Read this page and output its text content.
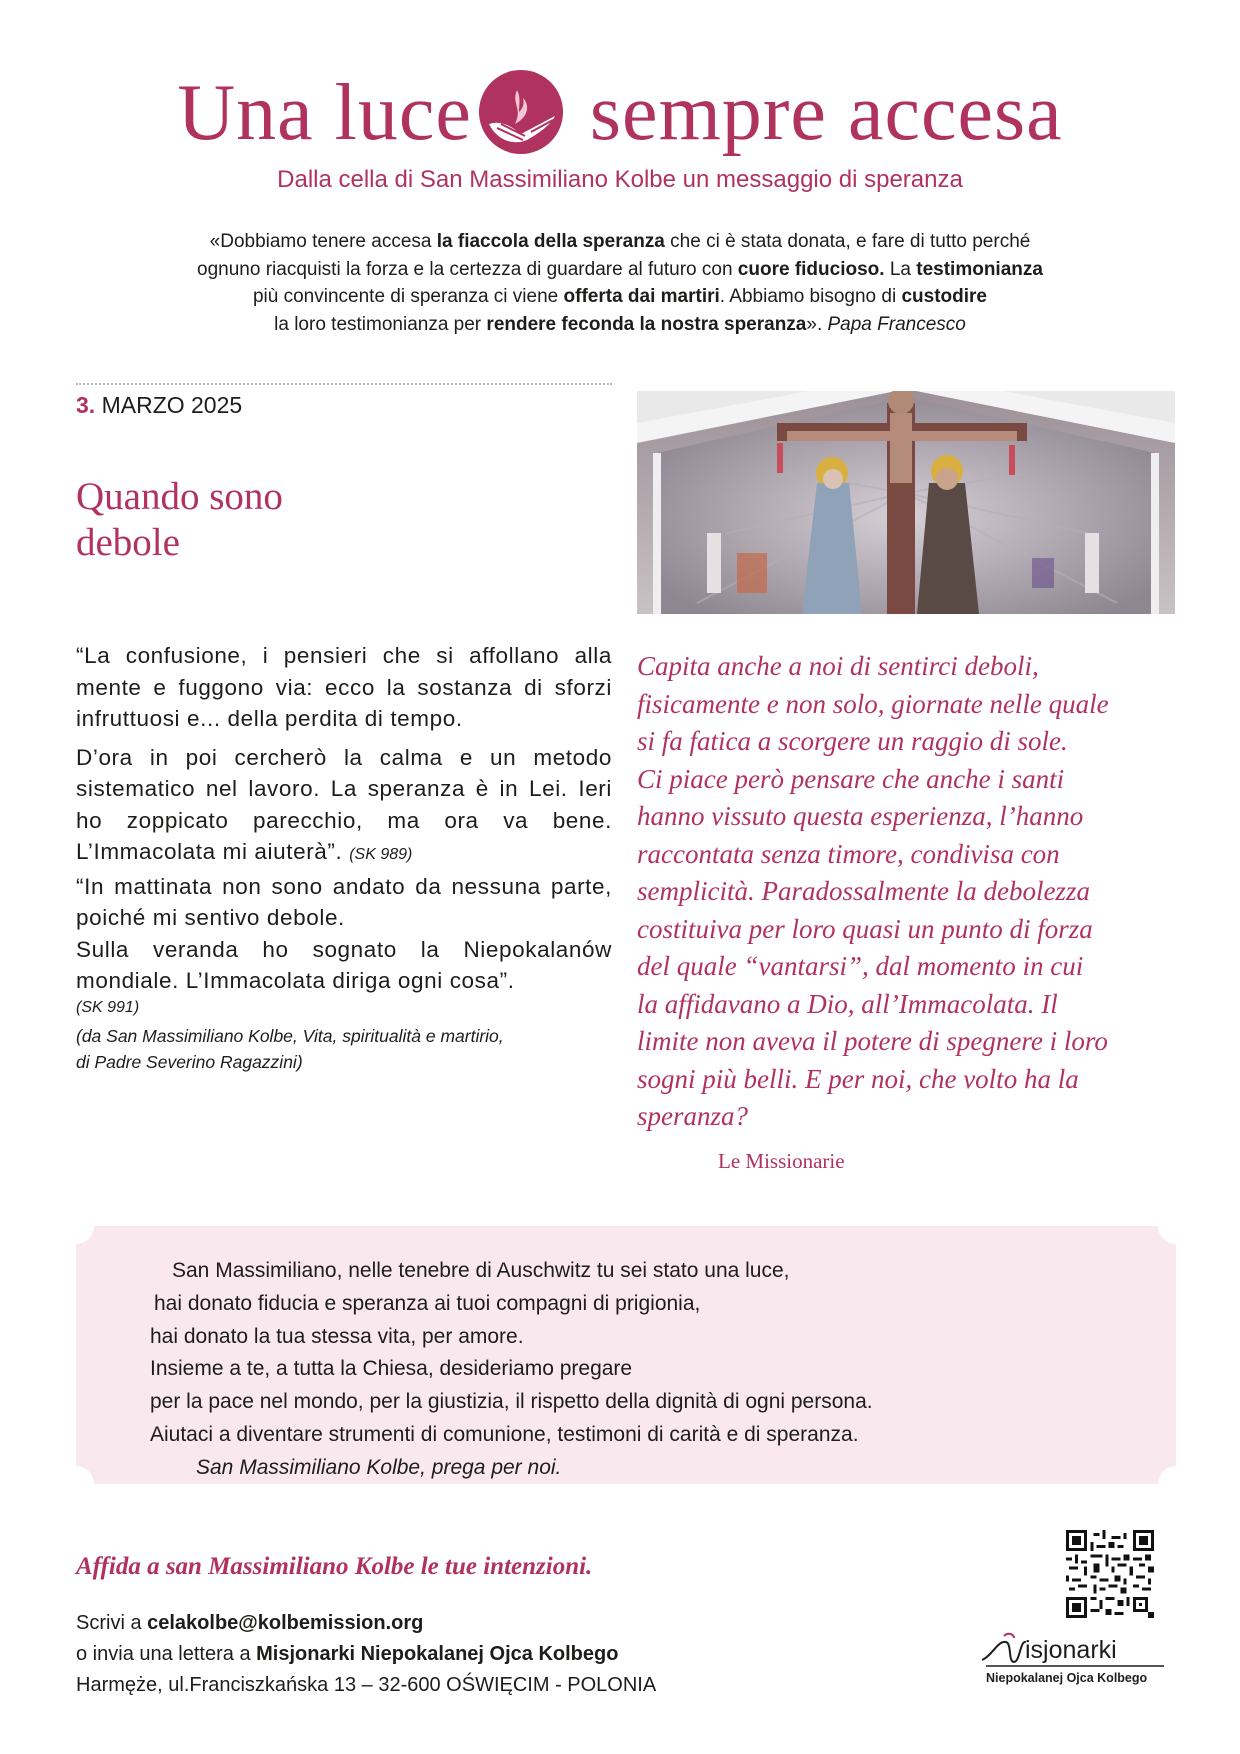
Una luce sempre accesa
Dalla cella di San Massimiliano Kolbe un messaggio di speranza
«Dobbiamo tenere accesa la fiaccola della speranza che ci è stata donata, e fare di tutto perché
ognuno riacquisti la forza e la certezza di guardare al futuro con cuore fiducioso. La testimonianza
più convincente di speranza ci viene offerta dai martiri. Abbiamo bisogno di custodire
la loro testimonianza per rendere feconda la nostra speranza». Papa Francesco
3. MARZO 2025
Quando sono
debole

“La confusione, i pensieri che si affollano alla mente e fuggono via: ecco la sostanza di sforzi infruttuosi e... della perdita di tempo.

D’ora in poi cercherò la calma e un metodo sistematico nel lavoro. La speranza è in Lei. Ieri ho zoppicato parecchio, ma ora va bene. L’Immacolata mi aiuterà”. (SK 989)

“In mattinata non sono andato da nessuna parte, poiché mi sentivo debole.

Sulla veranda ho sognato la Niepokalanów mondiale. L’Immacolata diriga ogni cosa”.

(SK 991)

(da San Massimiliano Kolbe, Vita, spiritualità e martirio,
di Padre Severino Ragazzini)

Capita anche a noi di sentirci deboli,
fisicamente e non solo, giornate nelle quale
si fa fatica a scorgere un raggio di sole.
Ci piace però pensare che anche i santi
hanno vissuto questa esperienza, l’hanno
raccontata senza timore, condivisa con
semplicità. Paradossalmente la debolezza
costituiva per loro quasi un punto di forza
del quale “vantarsi”, dal momento in cui
la affidavano a Dio, all’Immacolata. Il
limite non aveva il potere di spegnere i loro
sogni più belli. E per noi, che volto ha la
speranza?
Le Missionarie
San Massimiliano, nelle tenebre di Auschwitz tu sei stato una luce,
hai donato fiducia e speranza ai tuoi compagni di prigionia,
hai donato la tua stessa vita, per amore.
Insieme a te, a tutta la Chiesa, desideriamo pregare
per la pace nel mondo, per la giustizia, il rispetto della dignità di ogni persona.
Aiutaci a diventare strumenti di comunione, testimoni di carità e di speranza.
San Massimiliano Kolbe, prega per noi.
Affida a san Massimiliano Kolbe le tue intenzioni.
Scrivi a celakolbe@kolbemission.org
o invia una lettera a Misjonarki Niepokalanej Ojca Kolbego
Harmęże, ul.Franciszkańska 13 – 32-600 OŚWIĘCIM - POLONIA
isjonarki
Niepokalanej Ojca Kolbego
